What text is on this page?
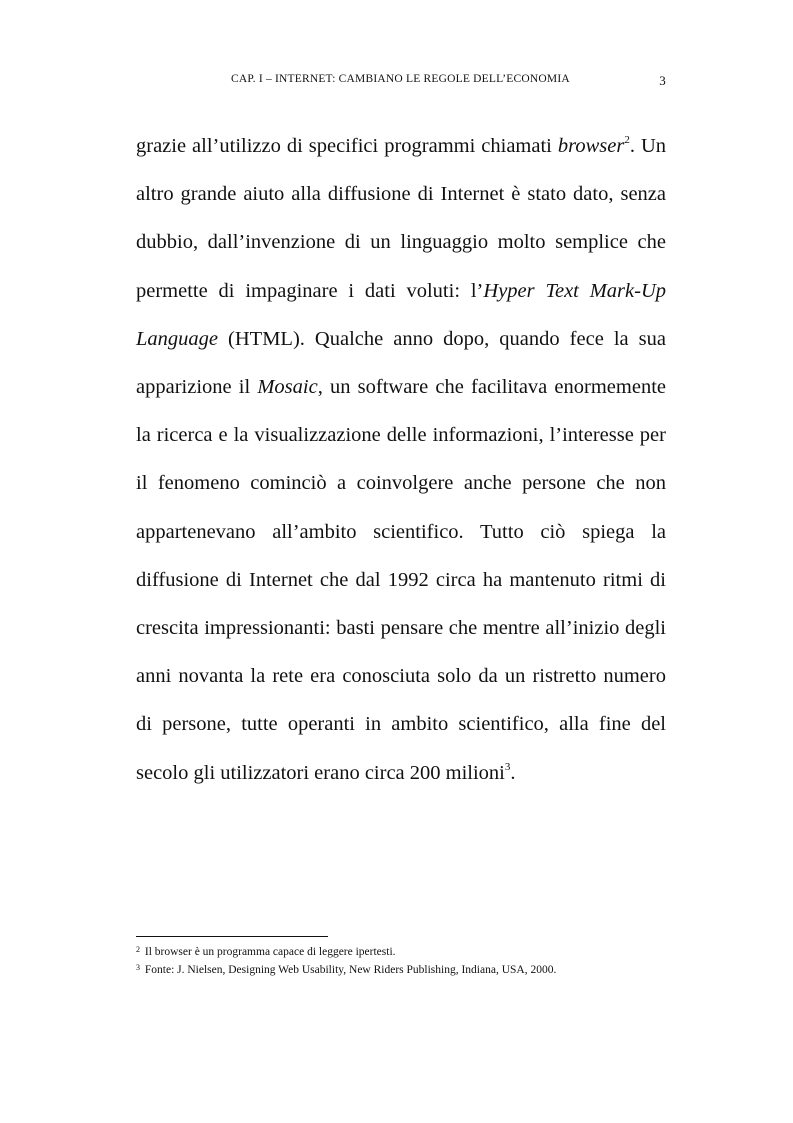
CAP. I – INTERNET: CAMBIANO LE REGOLE DELL’ECONOMIA	3

grazie all’utilizzo di specifici programmi chiamati browser$^2$. Un altro grande aiuto alla diffusione di Internet è stato dato, senza dubbio, dall’invenzione di un linguaggio molto semplice che permette di impaginare i dati voluti: l’Hyper Text Mark-Up Language (HTML). Qualche anno dopo, quando fece la sua apparizione il Mosaic, un software che facilitava enormemente la ricerca e la visualizzazione delle informazioni, l’interesse per il fenomeno cominciò a coinvolgere anche persone che non appartenevano all’ambito scientifico. Tutto ciò spiega la diffusione di Internet che dal 1992 circa ha mantenuto ritmi di crescita impressionanti: basti pensare che mentre all’inizio degli anni novanta la rete era conosciuta solo da un ristretto numero di persone, tutte operanti in ambito scientifico, alla fine del secolo gli utilizzatori erano circa 200 milioni$^3$.

$^2$ Il browser è un programma capace di leggere ipertesti.
$^3$ Fonte: J. Nielsen, Designing Web Usability, New Riders Publishing, Indiana, USA, 2000.
